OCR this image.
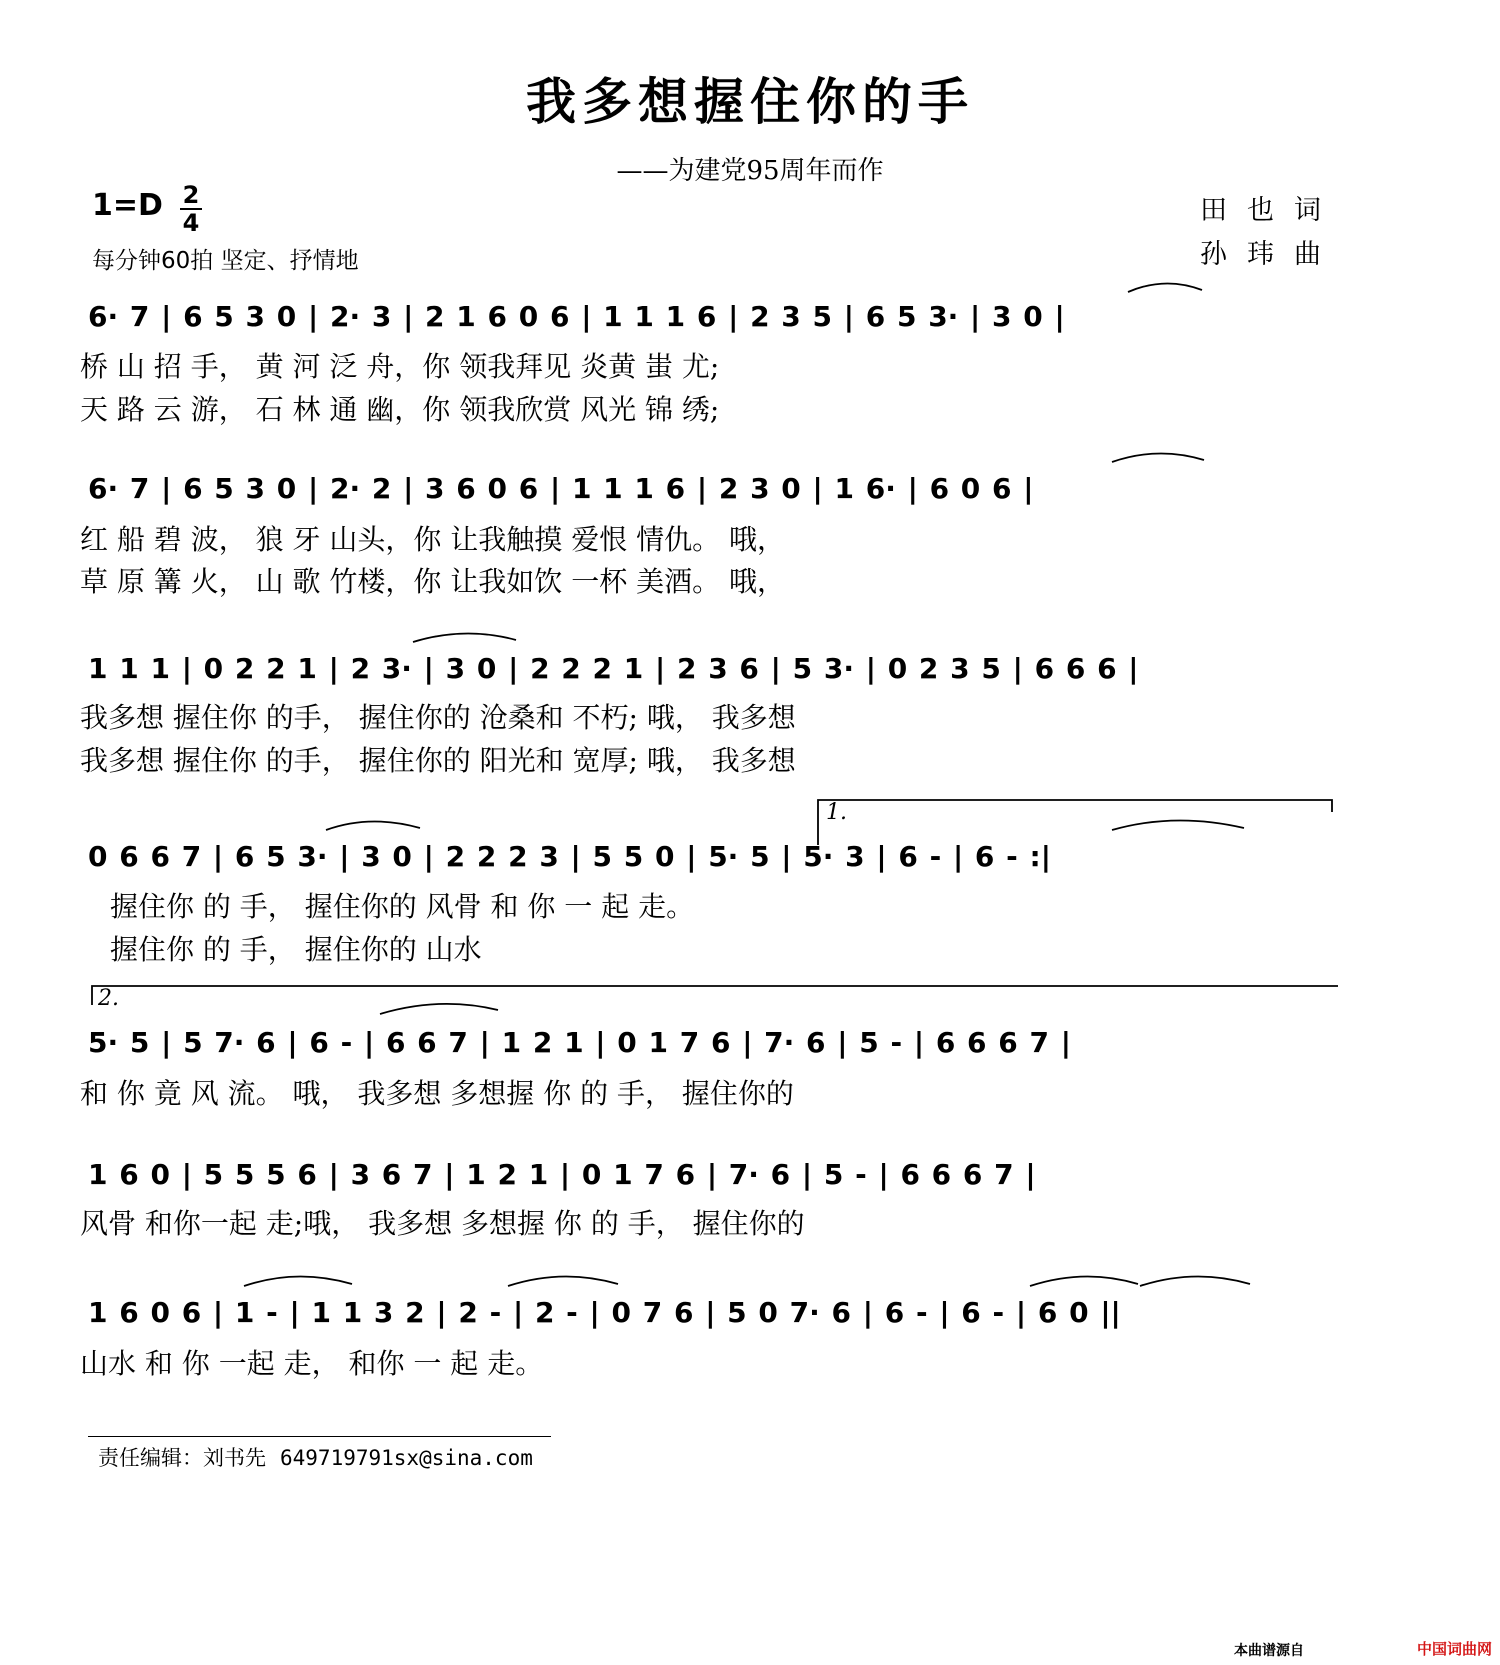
我多想握住你的手
——为建党95周年而作
1=D 2
4
每分钟60拍 坚定、抒情地
田也词
孙玮曲
6· 7 | 6 5 3 0 | 2· 3 | 2 1 6 0 6 | 1 1 1 6 | 2 3 5 | 6 5 3· | 3 0 |
桥 山 招 手， 黄 河 泛 舟，你 领我拜见 炎黄 蚩 尤;
天 路 云 游， 石 林 通 幽，你 领我欣赏 风光 锦 绣;
6· 7 | 6 5 3 0 | 2· 2 | 3 6 0 6 | 1 1 1 6 | 2 3 0 | 1 6· | 6 0 6 |
红 船 碧 波， 狼 牙 山头，你 让我触摸 爱恨 情仇。 哦，
草 原 篝 火， 山 歌 竹楼，你 让我如饮 一杯 美酒。 哦，
1 1 1 | 0 2 2 1 | 2 3· | 3 0 | 2 2 2 1 | 2 3 6 | 5 3· | 0 2 3 5 | 6 6 6 |
我多想 握住你 的手， 握住你的 沧桑和 不朽; 哦， 我多想
我多想 握住你 的手， 握住你的 阳光和 宽厚; 哦， 我多想
1.
0 6 6 7 | 6 5 3· | 3 0 | 2 2 2 3 | 5 5 0 | 5· 5 | 5· 3 | 6 - | 6 - :|
握住你 的 手， 握住你的 风骨 和 你 一 起 走。
握住你 的 手， 握住你的 山水
2.
5· 5 | 5 7· 6 | 6 - | 6 6 7 | 1 2 1 | 0 1 7 6 | 7· 6 | 5 - | 6 6 6 7 |
和 你 竟 风 流。 哦， 我多想 多想握 你 的 手， 握住你的
1 6 0 | 5 5 5 6 | 3 6 7 | 1 2 1 | 0 1 7 6 | 7· 6 | 5 - | 6 6 6 7 |
风骨 和你一起 走;哦， 我多想 多想握 你 的 手， 握住你的
1 6 0 6 | 1 - | 1 1 3 2 | 2 - | 2 - | 0 7 6 | 5 0 7· 6 | 6 - | 6 - | 6 0 ||
山水 和 你 一起 走， 和你 一 起 走。
责任编辑：刘书先 649719791sx@sina.com
本曲谱源自	中国词曲网
